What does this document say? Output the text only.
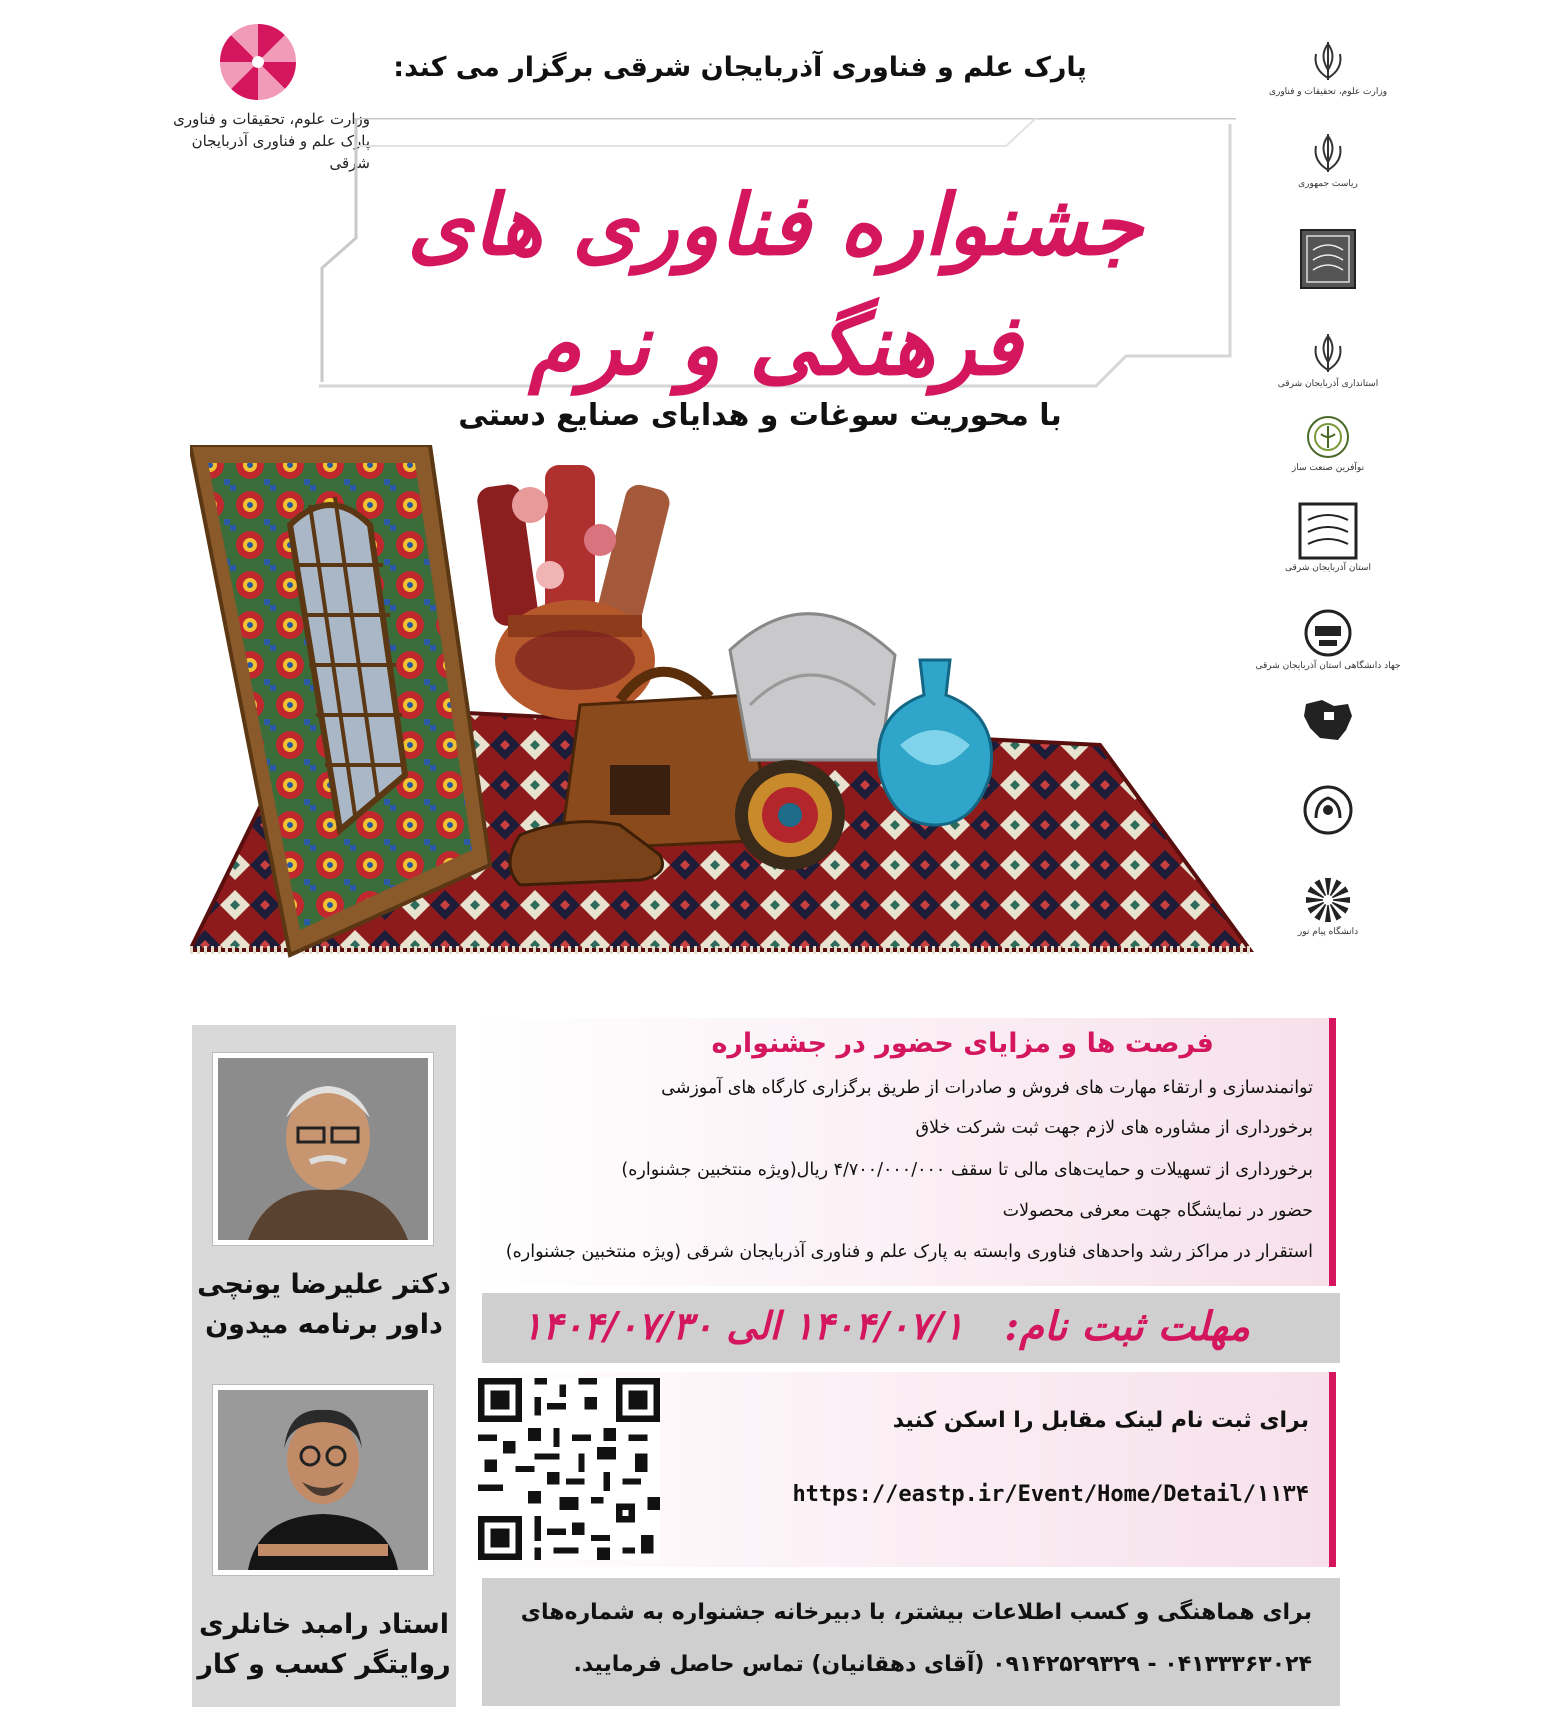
وزارت علوم، تحقیقات و فناوری
پارک علم و فناوری آذربایجان شرقی
پارک علم و فناوری آذربایجان شرقی برگزار می کند:
جشنواره فناوری های فرهنگی و نرم
با محوریت سوغات و هدایای صنایع دستی
وزارت علوم، تحقیقات و فناوری
ریاست جمهوری
استانداری آذربایجان شرقی
نوآفرین صنعت ساز
استان آذربایجان شرقی
جهاد دانشگاهی استان آذربایجان شرقی
دانشگاه پیام نور
دکتر علیرضا یونچی
داور برنامه میدون
استاد رامبد خانلری
روایتگر کسب و کار
فرصت ها و مزایای حضور در جشنواره
توانمندسازی و ارتقاء مهارت های فروش و صادرات از طریق برگزاری کارگاه های آموزشی
برخورداری از مشاوره های لازم جهت ثبت شرکت خلاق
برخورداری از تسهیلات و حمایت‌های مالی تا سقف ۴/۷۰۰/۰۰۰/۰۰۰ ریال(ویژه منتخبین جشنواره)
حضور در نمایشگاه جهت معرفی محصولات
استقرار در مراکز رشد واحدهای فناوری وابسته به پارک علم و فناوری آذربایجان شرقی (ویژه منتخبین جشنواره)
مهلت ثبت نام:
۱۴۰۴/۰۷/۱ الی ۱۴۰۴/۰۷/۳۰
برای ثبت نام لینک مقابل را اسکن کنید
https://eastp.ir/Event/Home/Detail/۱۱۳۴
برای هماهنگی و کسب اطلاعات بیشتر، با دبیرخانه جشنواره به شماره‌های
۰۴۱۳۳۳۶۳۰۲۴ - ۰۹۱۴۲۵۲۹۳۲۹ (آقای دهقانیان) تماس حاصل فرمایید.
